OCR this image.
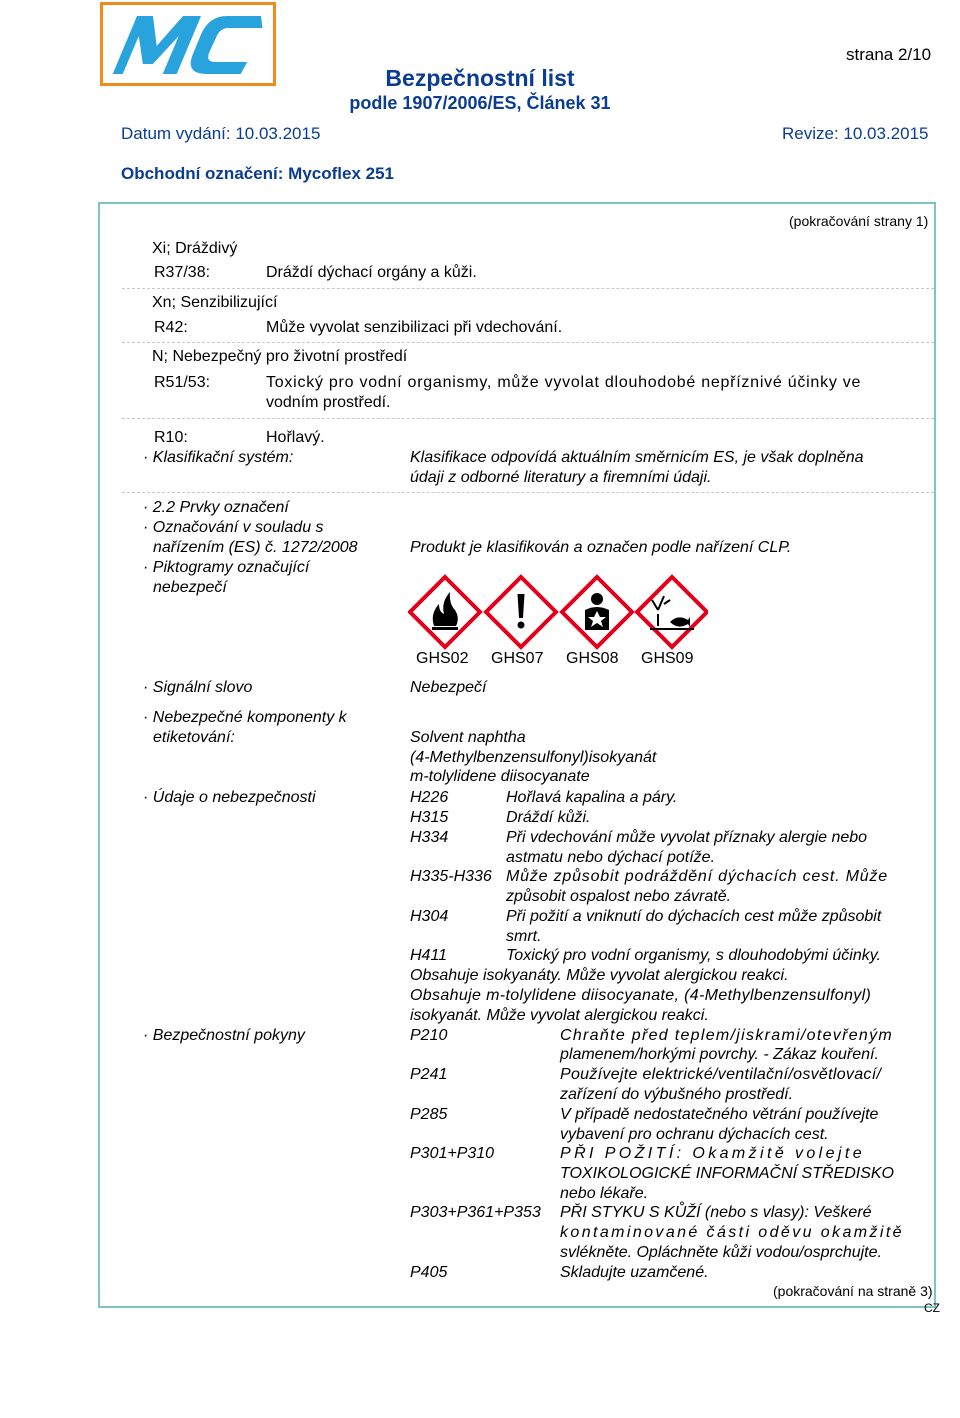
strana 2/10
Bezpečnostní list
podle 1907/2006/ES, Článek 31
Datum vydání: 10.03.2015	Revize: 10.03.2015
Obchodní označení: Mycoflex 251
(pokračování strany 1)
Xi; Dráždivý
R37/38:	Dráždí dýchací orgány a kůži.
Xn; Senzibilizující
R42:	Může vyvolat senzibilizaci při vdechování.
N; Nebezpečný pro životní prostředí
R51/53:	Toxický pro vodní organismy, může vyvolat dlouhodobé nepříznivé účinky ve
vodním prostředí.
R10:	Hořlavý.
· Klasifikační systém:	Klasifikace odpovídá aktuálním směrnicím ES, je však doplněna
údaji z odborné literatury a firemními údaji.
· 2.2 Prvky označení
· Označování v souladu s
nařízením (ES) č. 1272/2008	Produkt je klasifikován a označen podle nařízení CLP.
· Piktogramy označující
nebezpečí
GHS02 GHS07 GHS08 GHS09
· Signální slovo	Nebezpečí
· Nebezpečné komponenty k
etiketování:	Solvent naphtha
(4-Methylbenzensulfonyl)isokyanát
m-tolylidene diisocyanate
· Údaje o nebezpečnosti	H226	Hořlavá kapalina a páry.
H315	Dráždí kůži.
H334	Při vdechování může vyvolat příznaky alergie nebo
astmatu nebo dýchací potíže.
H335-H336 Může způsobit podráždění dýchacích cest. Může
způsobit ospalost nebo závratě.
H304	Při požití a vniknutí do dýchacích cest může způsobit
smrt.
H411	Toxický pro vodní organismy, s dlouhodobými účinky.
Obsahuje isokyanáty. Může vyvolat alergickou reakci.
Obsahuje m-tolylidene diisocyanate, (4-Methylbenzensulfonyl)
isokyanát. Může vyvolat alergickou reakci.
· Bezpečnostní pokyny	P210	Chraňte před teplem/jiskrami/otevřeným
plamenem/horkými povrchy. - Zákaz kouření.
P241	Používejte elektrické/ventilační/osvětlovací/
zařízení do výbušného prostředí.
P285	V případě nedostatečného větrání používejte
vybavení pro ochranu dýchacích cest.
P301+P310	PŘI POŽITÍ: Okamžitě volejte
TOXIKOLOGICKÉ INFORMAČNÍ STŘEDISKO
nebo lékaře.
P303+P361+P353 PŘI STYKU S KŮŽÍ (nebo s vlasy): Veškeré
kontaminované části oděvu okamžitě
svlékněte. Opláchněte kůži vodou/osprchujte.
P405	Skladujte uzamčené.
(pokračování na straně 3)
CZ
